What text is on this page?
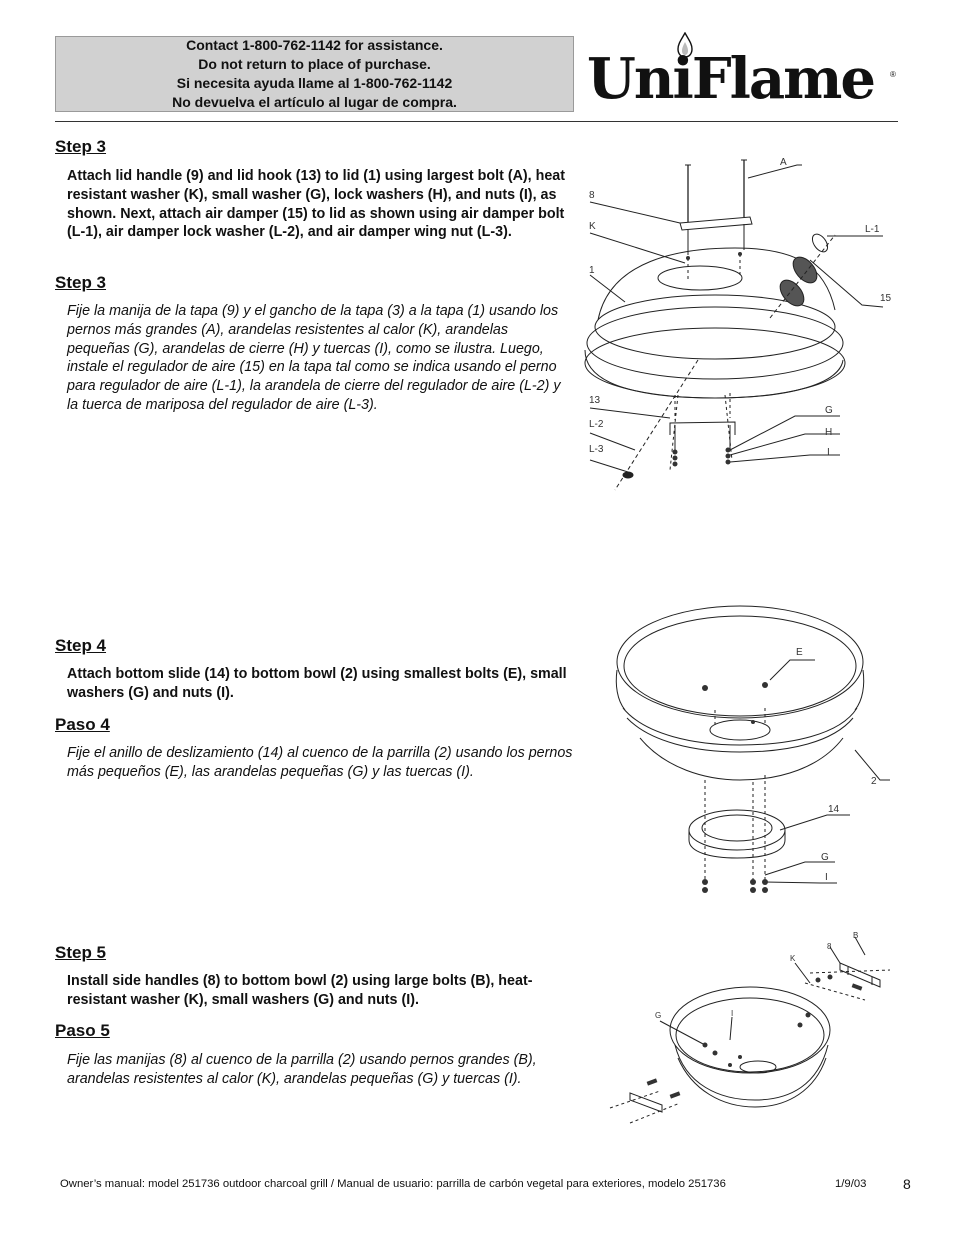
Contact 1-800-762-1142 for assistance.
Do not return to place of purchase.
Si necesita ayuda llame al 1-800-762-1142
No devuelva el artículo al lugar de compra. UniFlame ®
Step 3
Attach lid handle (9) and lid hook (13) to lid (1) using largest bolt (A), heat resistant washer (K), small washer (G), lock washers (H), and nuts (I), as shown. Next, attach air damper (15) to lid as shown using air damper bolt (L-1), air damper lock washer (L-2), and air damper wing nut (L-3).
Step 3
Fije la manija de la tapa (9) y el gancho de la tapa (3) a la tapa (1) usando los pernos más grandes (A), arandelas resistentes al calor (K), arandelas pequeñas (G), arandelas de cierre (H) y tuercas (I), como se ilustra. Luego, instale el regulador de aire (15) en la tapa tal como se indica usando el perno para regulador de aire (L-1), la arandela de cierre del regulador de aire (L-2) y la tuerca de mariposa del regulador de aire (L-3).
A
8
K
1
L-1
15
13
L-2
L-3
G
H
I
Step 4
Attach bottom slide (14) to bottom bowl (2) using smallest bolts (E), small washers (G) and nuts (I).
Paso 4
Fije el anillo de deslizamiento (14) al cuenco de la parrilla (2) usando los pernos más pequeños (E), las arandelas pequeñas (G) y las tuercas (I).
E
2
14
G
I
Step 5
Install side handles (8) to bottom bowl (2) using large bolts (B), heat-resistant washer (K), small washers (G) and nuts (I).
Paso 5
Fije las manijas (8) al cuenco de la parrilla (2) usando pernos grandes (B), arandelas resistentes al calor (K), arandelas pequeñas (G) y tuercas (I).
B
8
K
G	I
Owner’s manual: model 251736 outdoor charcoal grill / Manual de usuario: parrilla de carbón vegetal para exteriores, modelo 251736	1/9/03	8
